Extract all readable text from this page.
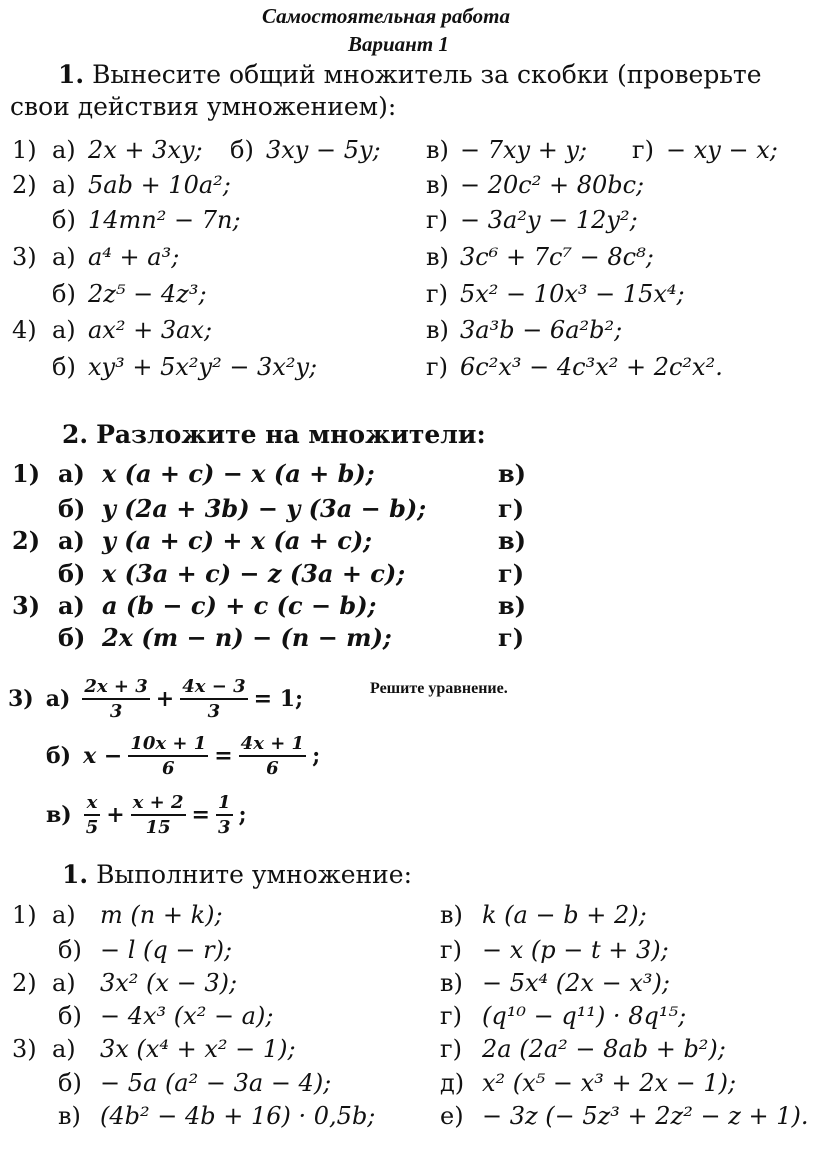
Самостоятельная работа
Вариант 1
1. Вынесите общий множитель за скобки (проверьте
свои действия умножением):
1) а) 2x + 3xy; б) 3xy − 5y; в) − 7xy + y; г) − xy − x;
2) а) 5ab + 10a²;	в) − 20c² + 80bc;
б) 14mn² − 7n;	г) − 3a²y − 12y²;
3) а) a⁴ + a³;	в) 3c⁶ + 7c⁷ − 8c⁸;
б) 2z⁵ − 4z³;	г) 5x² − 10x³ − 15x⁴;
4) а) ax² + 3ax;	в) 3a³b − 6a²b²;
б) xy³ + 5x²y² − 3x²y;	г) 6c²x³ − 4c³x² + 2c²x².
2. Разложите на множители:
1) а) x (a + c) − x (a + b);	в)
б) y (2a + 3b) − y (3a − b);	г)
2) а) y (a + c) + x (a + c);	в)
б) x (3a + c) − z (3a + c);	г)
3) а) a (b − c) + c (c − b);	в)
б) 2x (m − n) − (n − m);	г)
Решите уравнение.
3) $а) \frac{2x + 3}{3} + \frac{4x - 3}{3} = 1$;
б) $x - \frac{10x + 1}{6} = \frac{4x + 1}{6}$ ;
$в) \frac{x}{5} + \frac{x + 2}{15} = \frac{1}{3}$ ;
1. Выполните умножение:
1) а) m (n + k);	в) k (a − b + 2);
б) − l (q − r);	г) − x (p − t + 3);
2) а) 3x² (x − 3);	в) − 5x⁴ (2x − x³);
б) − 4x³ (x² − a);	г) (q¹⁰ − q¹¹) · 8q¹⁵;
3) а) 3x (x⁴ + x² − 1);	г) 2a (2a² − 8ab + b²);
б) − 5a (a² − 3a − 4);	д) x² (x⁵ − x³ + 2x − 1);
в) (4b² − 4b + 16) · 0,5b;	е) − 3z (− 5z³ + 2z² − z + 1).
